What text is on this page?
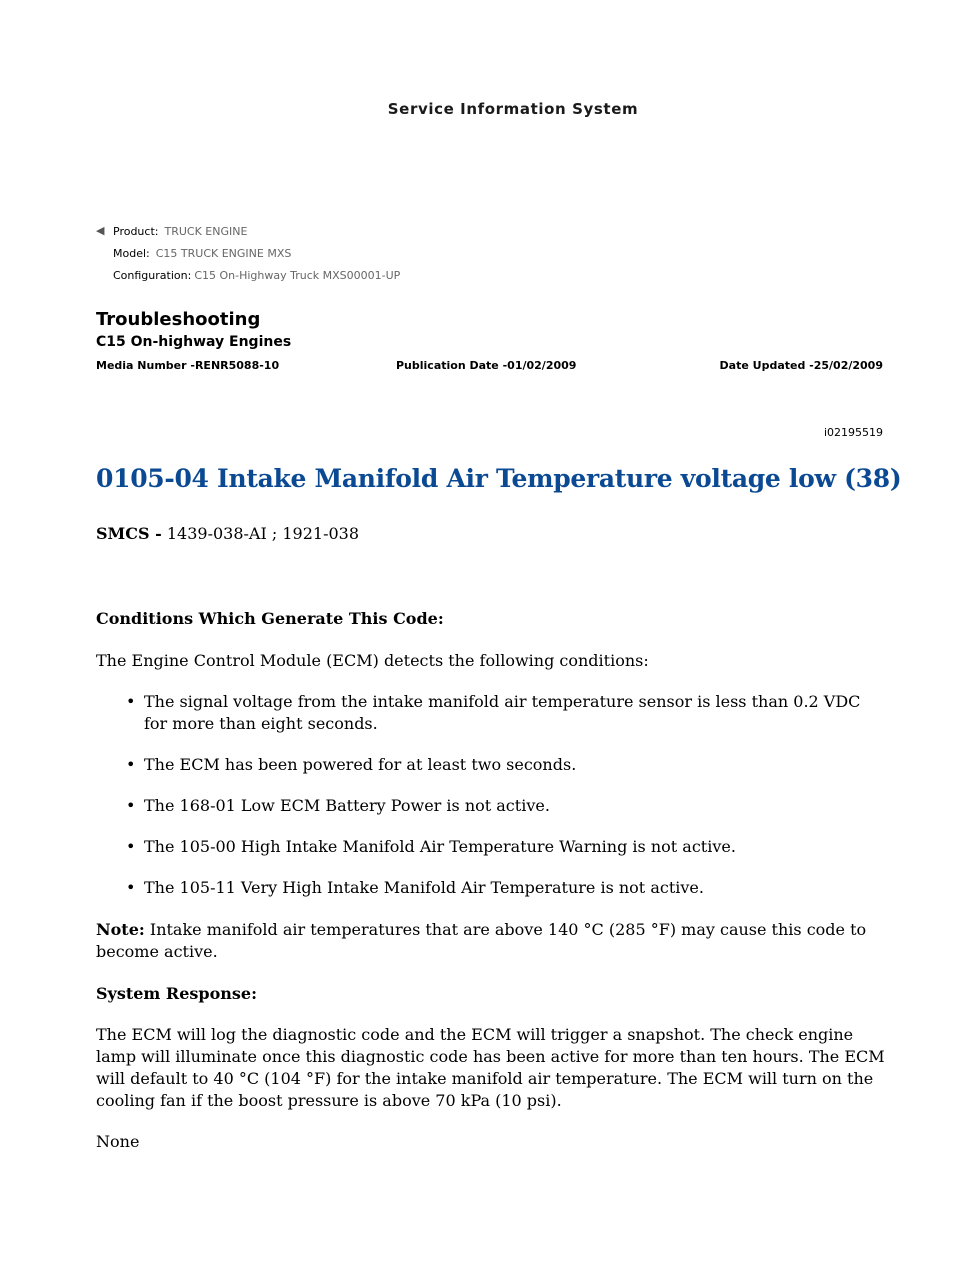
Service Information System
◀ Product: TRUCK ENGINE
Model: C15 TRUCK ENGINE MXS
Configuration: C15 On-Highway Truck MXS00001-UP
Troubleshooting
C15 On-highway Engines
Media Number -RENR5088-10	Publication Date -01/02/2009	Date Updated -25/02/2009
i02195519
0105-04 Intake Manifold Air Temperature voltage low (38)
SMCS - 1439-038-AI ; 1921-038
Conditions Which Generate This Code:
The Engine Control Module (ECM) detects the following conditions:
• The signal voltage from the intake manifold air temperature sensor is less than 0.2 VDC for more than eight seconds.
• The ECM has been powered for at least two seconds.
• The 168-01 Low ECM Battery Power is not active.
• The 105-00 High Intake Manifold Air Temperature Warning is not active.
• The 105-11 Very High Intake Manifold Air Temperature is not active.
Note: Intake manifold air temperatures that are above 140 °C (285 °F) may cause this code to become active.
System Response:
The ECM will log the diagnostic code and the ECM will trigger a snapshot. The check engine lamp will illuminate once this diagnostic code has been active for more than ten hours. The ECM will default to 40 °C (104 °F) for the intake manifold air temperature. The ECM will turn on the cooling fan if the boost pressure is above 70 kPa (10 psi).
None
